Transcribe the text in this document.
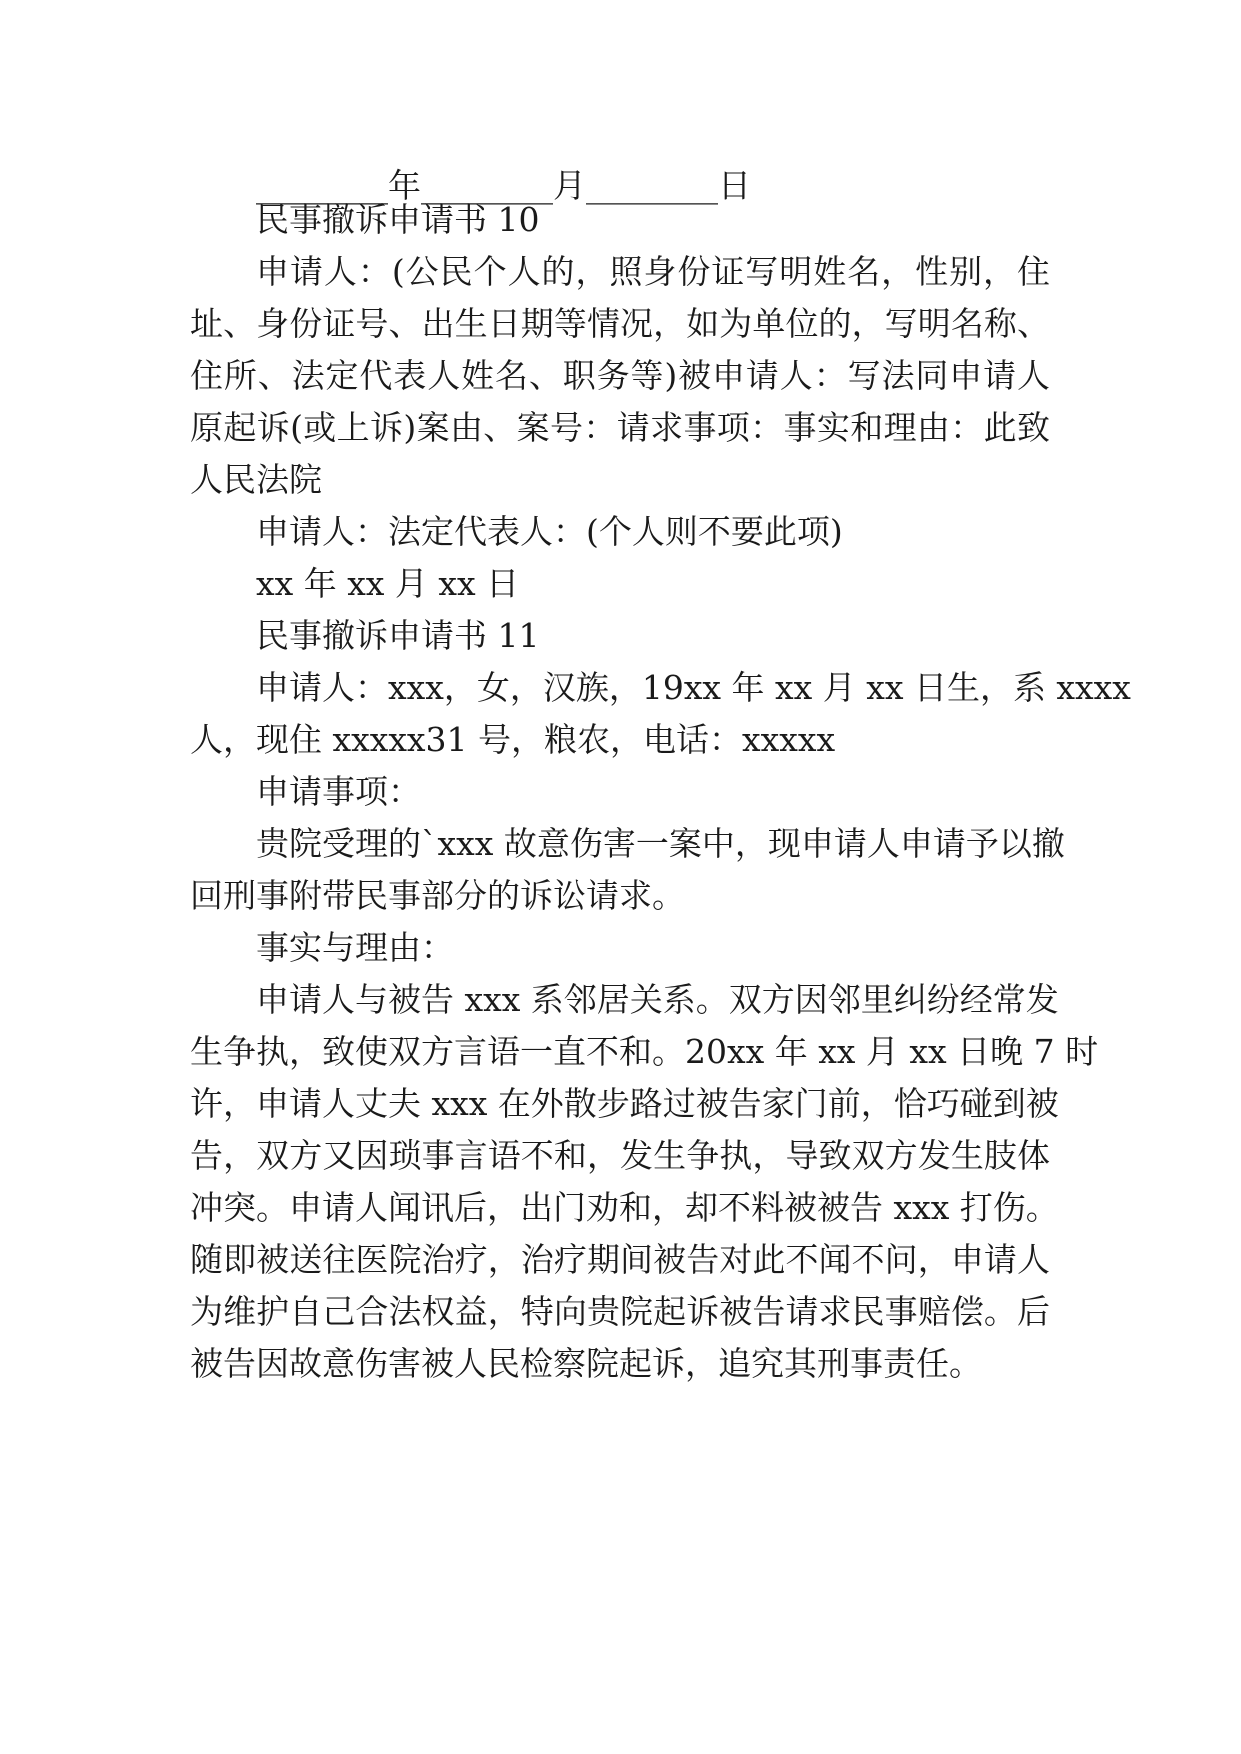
________年________月________日
民事撤诉申请书 10
申请人：(公民个人的，照身份证写明姓名，性别，住
址、身份证号、出生日期等情况，如为单位的，写明名称、
住所、法定代表人姓名、职务等)被申请人：写法同申请人
原起诉(或上诉)案由、案号：请求事项：事实和理由：此致
人民法院
申请人：法定代表人：(个人则不要此项)
xx 年 xx 月 xx 日
民事撤诉申请书 11
申请人：xxx，女，汉族，19xx 年 xx 月 xx 日生，系 xxxx
人，现住 xxxxx31 号，粮农，电话：xxxxx
申请事项：
贵院受理的`xxx 故意伤害一案中，现申请人申请予以撤
回刑事附带民事部分的诉讼请求。
事实与理由：
申请人与被告 xxx 系邻居关系。双方因邻里纠纷经常发
生争执，致使双方言语一直不和。20xx 年 xx 月 xx 日晚 7 时
许，申请人丈夫 xxx 在外散步路过被告家门前，恰巧碰到被
告，双方又因琐事言语不和，发生争执，导致双方发生肢体
冲突。申请人闻讯后，出门劝和，却不料被被告 xxx 打伤。
随即被送往医院治疗，治疗期间被告对此不闻不问，申请人
为维护自己合法权益，特向贵院起诉被告请求民事赔偿。后
被告因故意伤害被人民检察院起诉，追究其刑事责任。
